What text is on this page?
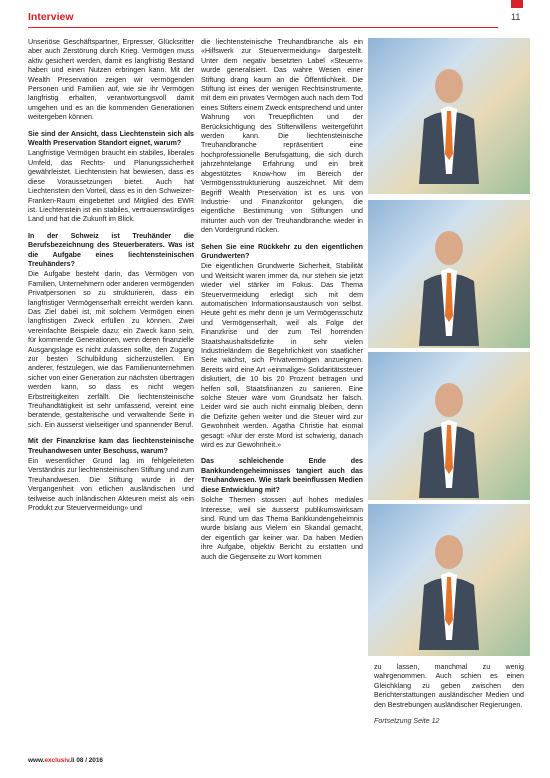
Interview	11

Unseriöse Geschäftspartner, Erpresser, Glücksritter aber auch Zerstörung durch Krieg. Vermögen muss aktiv gesichert werden, damit es langfristig Bestand haben und einen Nutzen erbringen kann. Mit der Wealth Preservation zeigen wir vermögenden Personen und Familien auf, wie sie ihr Vermögen langfristig erhalten, verantwortungsvoll damit umgehen und es an die kommenden Generationen weitergeben können.

Sie sind der Ansicht, dass Liechtenstein sich als Wealth Preservation Standort eignet, warum?
Langfristige Vermögen braucht ein stabiles, liberales Umfeld, das Rechts- und Planungssicherheit gewährleistet. Liechtenstein hat bewiesen, dass es diese Voraussetzungen bietet. Auch hat Liechtenstein den Vorteil, dass es in den Schweizer-Franken-Raum eingebettet und Mitglied des EWR ist. Liechtenstein ist ein stabiles, vertrauenswürdiges Land und hat die Zukunft im Blick.

In der Schweiz ist Treuhänder die Berufsbezeichnung des Steuerberaters. Was ist die Aufgabe eines liechtensteinischen Treuhänders?
Die Aufgabe besteht darin, das Vermögen von Familien, Unternehmern oder anderen vermögenden Privatpersonen so zu strukturieren, dass ein langfristiger Vermögenserhalt erreicht werden kann. Das Ziel dabei ist, mit solchem Vermögen einen langfristigen Zweck erfüllen zu können. Zwei vereinfachte Beispiele dazu: ein Zweck kann sein, für kommende Generationen, wenn deren finanzielle Ausgangslage es nicht zulassen sollte, den Zugang zur besten Schulbildung sicherzustellen. Ein anderer, festzulegen, wie das Familienunternehmen sicher von einer Generation zur nächsten übertragen werden kann, so dass es nicht wegen Erbstreitigkeiten zerfällt. Die liechtensteinische Treuhandtätigkeit ist sehr umfassend, vereint eine beratende, gestalterische und verwaltende Seite in sich. Ein äusserst vielseitiger und spannender Beruf.

Mit der Finanzkrise kam das liechtensteinische Treuhandwesen unter Beschuss, warum?
Ein wesentlicher Grund lag im fehlgeleiteten Verständnis zur liechtensteinischen Stiftung und zum Treuhandwesen. Die Stiftung wurde in der Vergangenheit von etlichen ausländischen und teilweise auch inländischen Akteuren meist als «ein Produkt zur Steuervermeidung» und

die liechtensteinische Treuhandbranche als ein «Hilfswerk zur Steuervermeidung» dargestellt. Unter dem negativ besetzten Label «Steuern» wurde generalisiert. Das wahre Wesen einer Stiftung drang kaum an die Öffentlichkeit. Die Stiftung ist eines der wenigen Rechtsinstrumente, mit dem ein privates Vermögen auch nach dem Tod eines Stifters einem Zweck entsprechend und unter Wahrung von Treuepflichten und der Berücksichtigung des Stifterwillens weitergeführt werden kann. Die liechtensteinische Treuhandbranche repräsentiert eine hochprofessionelle Berufsgattung, die sich durch jahrzehntelange Erfahrung und ein breit abgestütztes Know-how im Bereich der Vermögensstrukturierung auszeichnet. Mit dem Begriff Wealth Preservation ist es uns von Industrie- und Finanzkontor gelungen, die eigentliche Bestimmung von Stiftungen und mitunter auch von der Treuhandbranche wieder in den Vordergrund rücken.

Sehen Sie eine Rückkehr zu den eigentlichen Grundwerten?
Die eigentlichen Grundwerte Sicherheit, Stabilität und Weitsicht waren immer da, nur stehen sie jetzt wieder viel stärker im Fokus. Das Thema Steuervermeidung erledigt sich mit dem automatischen Informationsaustausch von selbst. Heute geht es mehr denn je um Vermögensschutz und Vermögenserhalt, weil als Folge der Finanzkrise und der zum Teil horrenden Staatshaushaltsdefizite in sehr vielen Industrieländern die Begehrlichkeit von staatlicher Seite wächst, sich Privatvermögen anzueignen. Bereits wird eine Art «einmalige» Solidaritätssteuer diskutiert, die 10 bis 20 Prozent betragen und helfen soll, Staatsfinanzen zu sanieren. Eine solche Steuer wäre vom Grundsatz her falsch. Leider wird sie auch nicht einmalig bleiben, denn die Defizite gehen weiter und die Steuer wird zur Gewohnheit werden. Agatha Christie hat einmal gesagt: «Nur der erste Mord ist schwierig, danach wird es zur Gewohnheit.»

Das schleichende Ende des Bankkundengeheimnisses tangiert auch das Treuhandwesen. Wie stark beeinflussen Medien diese Entwicklung mit?
Solche Themen stossen auf hohes mediales Interesse, weil sie äusserst publikumswirksam sind. Rund um das Thema Bankkundengeheimnis wurde bislang aus Vielem ein Skandal gemacht, der eigentlich gar keiner war. Da haben Medien ihre Aufgabe, objektiv Bericht zu erstatten und auch die Gegenseite zu Wort kommen

zu lassen, manchmal zu wenig wahrgenommen. Auch schien es einen Gleichklang zu geben zwischen den Berichterstattungen ausländischer Medien und den Bestrebungen ausländischer Regierungen.

Fortsetzung Seite 12

www.exclusiv.li 08 / 2016
